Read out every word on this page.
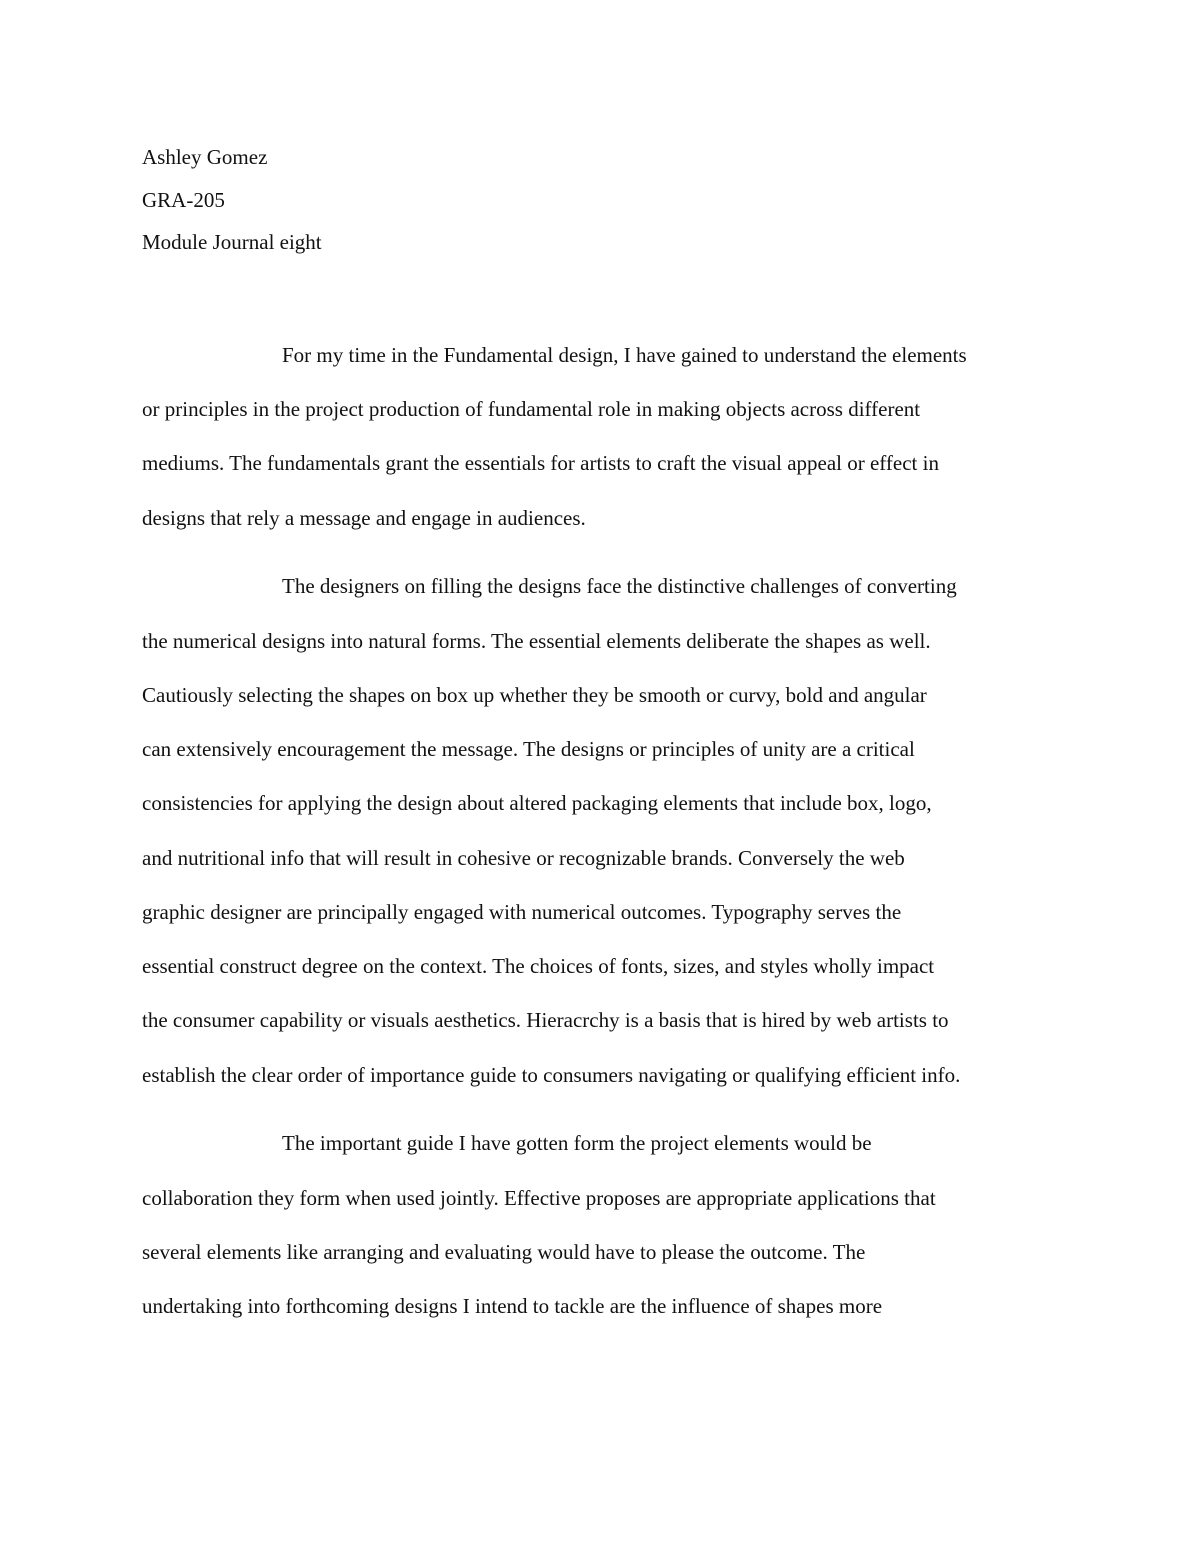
Ashley Gomez
GRA-205
Module Journal eight
For my time in the Fundamental design, I have gained to understand the elements
or principles in the project production of fundamental role in making objects across different
mediums. The fundamentals grant the essentials for artists to craft the visual appeal or effect in
designs that rely a message and engage in audiences.
The designers on filling the designs face the distinctive challenges of converting
the numerical designs into natural forms. The essential elements deliberate the shapes as well.
Cautiously selecting the shapes on box up whether they be smooth or curvy, bold and angular
can extensively encouragement the message. The designs or principles of unity are a critical
consistencies for applying the design about altered packaging elements that include box, logo,
and nutritional info that will result in cohesive or recognizable brands. Conversely the web
graphic designer are principally engaged with numerical outcomes. Typography serves the
essential construct degree on the context. The choices of fonts, sizes, and styles wholly impact
the consumer capability or visuals aesthetics. Hieracrchy is a basis that is hired by web artists to
establish the clear order of importance guide to consumers navigating or qualifying efficient info.
The important guide I have gotten form the project elements would be
collaboration they form when used jointly. Effective proposes are appropriate applications that
several elements like arranging and evaluating would have to please the outcome. The
undertaking into forthcoming designs I intend to tackle are the influence of shapes more
